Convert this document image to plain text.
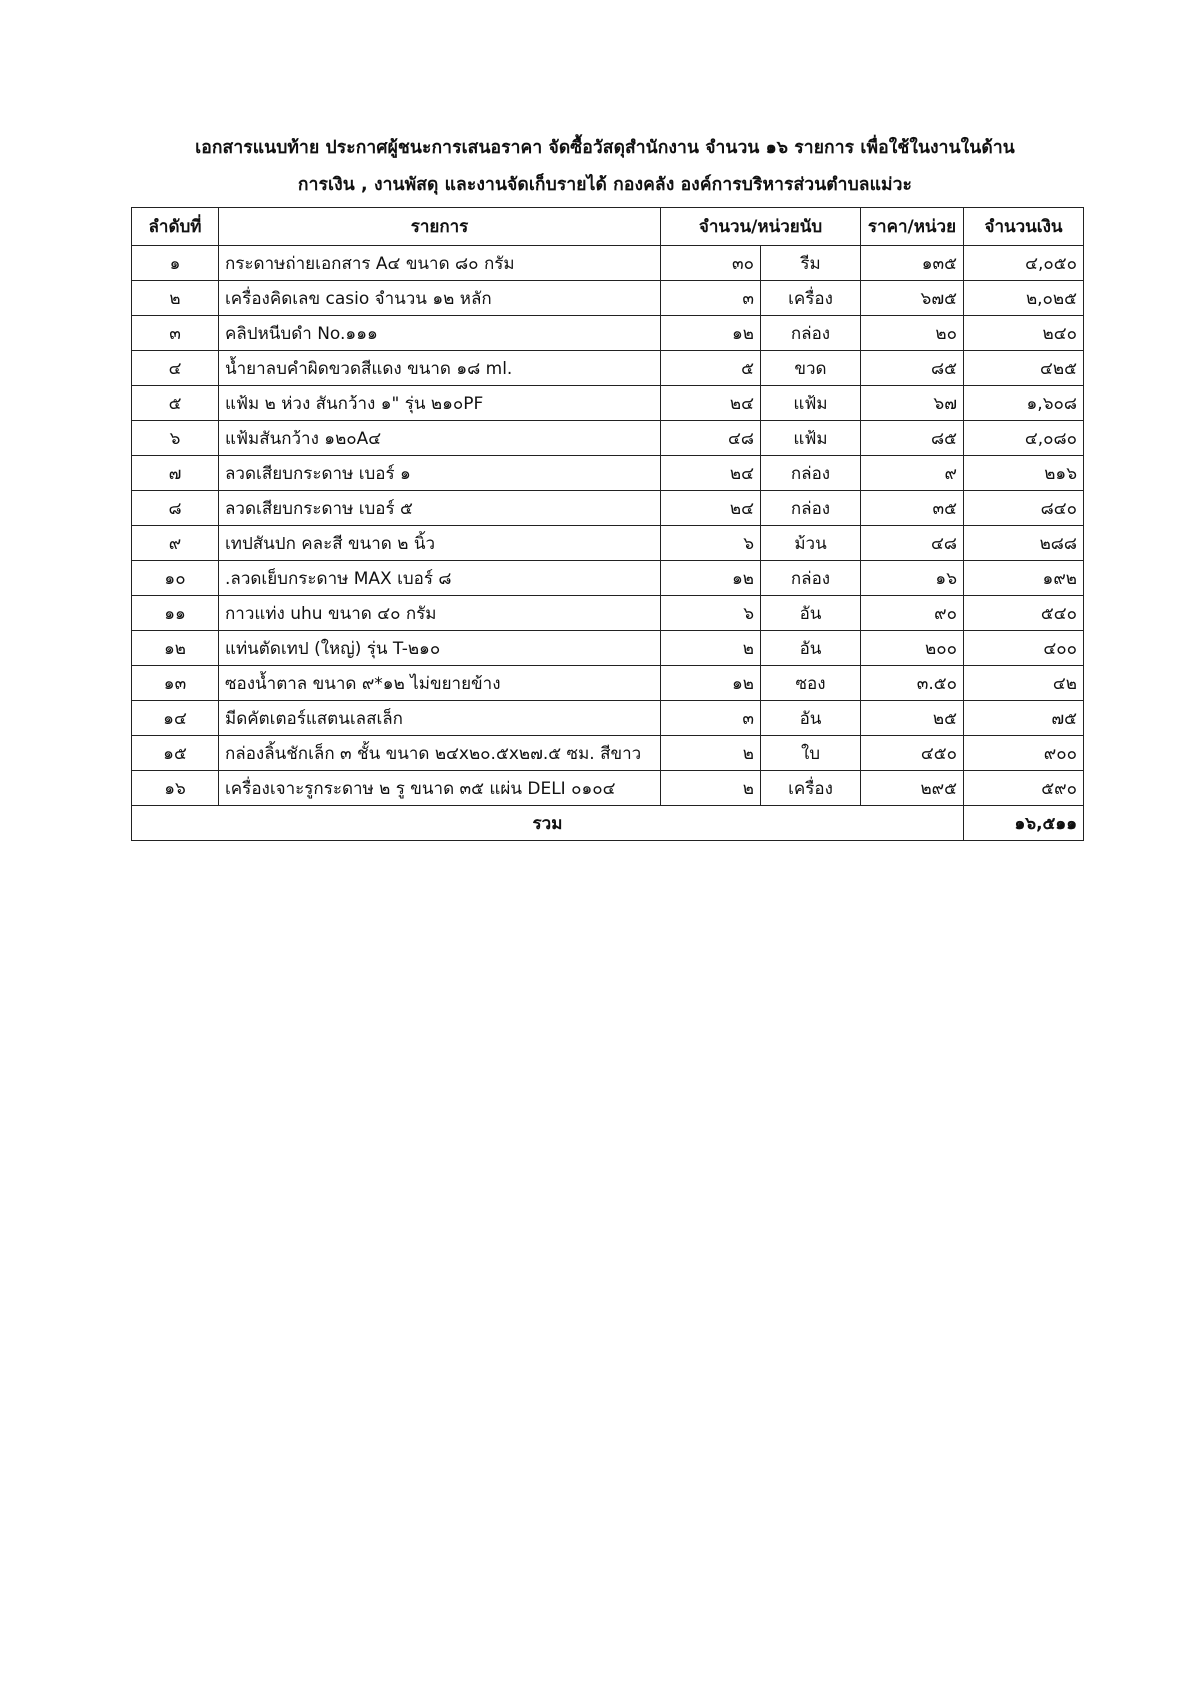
เอกสารแนบท้าย ประกาศผู้ชนะการเสนอราคา จัดซื้อวัสดุสำนักงาน จำนวน ๑๖ รายการ เพื่อใช้ในงานในด้าน
การเงิน , งานพัสดุ และงานจัดเก็บรายได้ กองคลัง องค์การบริหารส่วนตำบลแม่วะ
ลำดับที่	รายการ	จำนวน/หน่วยนับ		ราคา/หน่วย	จำนวนเงิน
๑	กระดาษถ่ายเอกสาร A๔ ขนาด ๘๐ กรัม	๓๐	รีม	๑๓๕	๔,๐๕๐
๒	เครื่องคิดเลข casio จำนวน ๑๒ หลัก	๓	เครื่อง	๖๗๕	๒,๐๒๕
๓	คลิปหนีบดำ No.๑๑๑	๑๒	กล่อง	๒๐	๒๔๐
๔	น้ำยาลบคำผิดขวดสีแดง ขนาด ๑๘ ml.	๕	ขวด	๘๕	๔๒๕
๕	แฟ้ม ๒ ห่วง สันกว้าง ๑" รุ่น ๒๑๐PF	๒๔	แฟ้ม	๖๗	๑,๖๐๘
๖	แฟ้มสันกว้าง ๑๒๐A๔	๔๘	แฟ้ม	๘๕	๔,๐๘๐
๗	ลวดเสียบกระดาษ เบอร์ ๑	๒๔	กล่อง	๙	๒๑๖
๘	ลวดเสียบกระดาษ เบอร์ ๕	๒๔	กล่อง	๓๕	๘๔๐
๙	เทปสันปก คละสี ขนาด ๒ นิ้ว	๖	ม้วน	๔๘	๒๘๘
๑๐	.ลวดเย็บกระดาษ MAX เบอร์ ๘	๑๒	กล่อง	๑๖	๑๙๒
๑๑	กาวแท่ง uhu ขนาด ๔๐ กรัม	๖	อัน	๙๐	๕๔๐
๑๒	แท่นตัดเทป (ใหญ่) รุ่น T-๒๑๐	๒	อัน	๒๐๐	๔๐๐
๑๓	ซองน้ำตาล ขนาด ๙*๑๒ ไม่ขยายข้าง	๑๒	ซอง	๓.๕๐	๔๒
๑๔	มีดคัตเตอร์แสตนเลสเล็ก	๓	อัน	๒๕	๗๕
๑๕	กล่องลิ้นชักเล็ก ๓ ชั้น ขนาด ๒๔x๒๐.๕x๒๗.๕ ซม. สีขาว	๒	ใบ	๔๕๐	๙๐๐
๑๖	เครื่องเจาะรูกระดาษ ๒ รู ขนาด ๓๕ แผ่น DELI ๐๑๐๔	๒	เครื่อง	๒๙๕	๕๙๐
รวม					๑๖,๕๑๑
